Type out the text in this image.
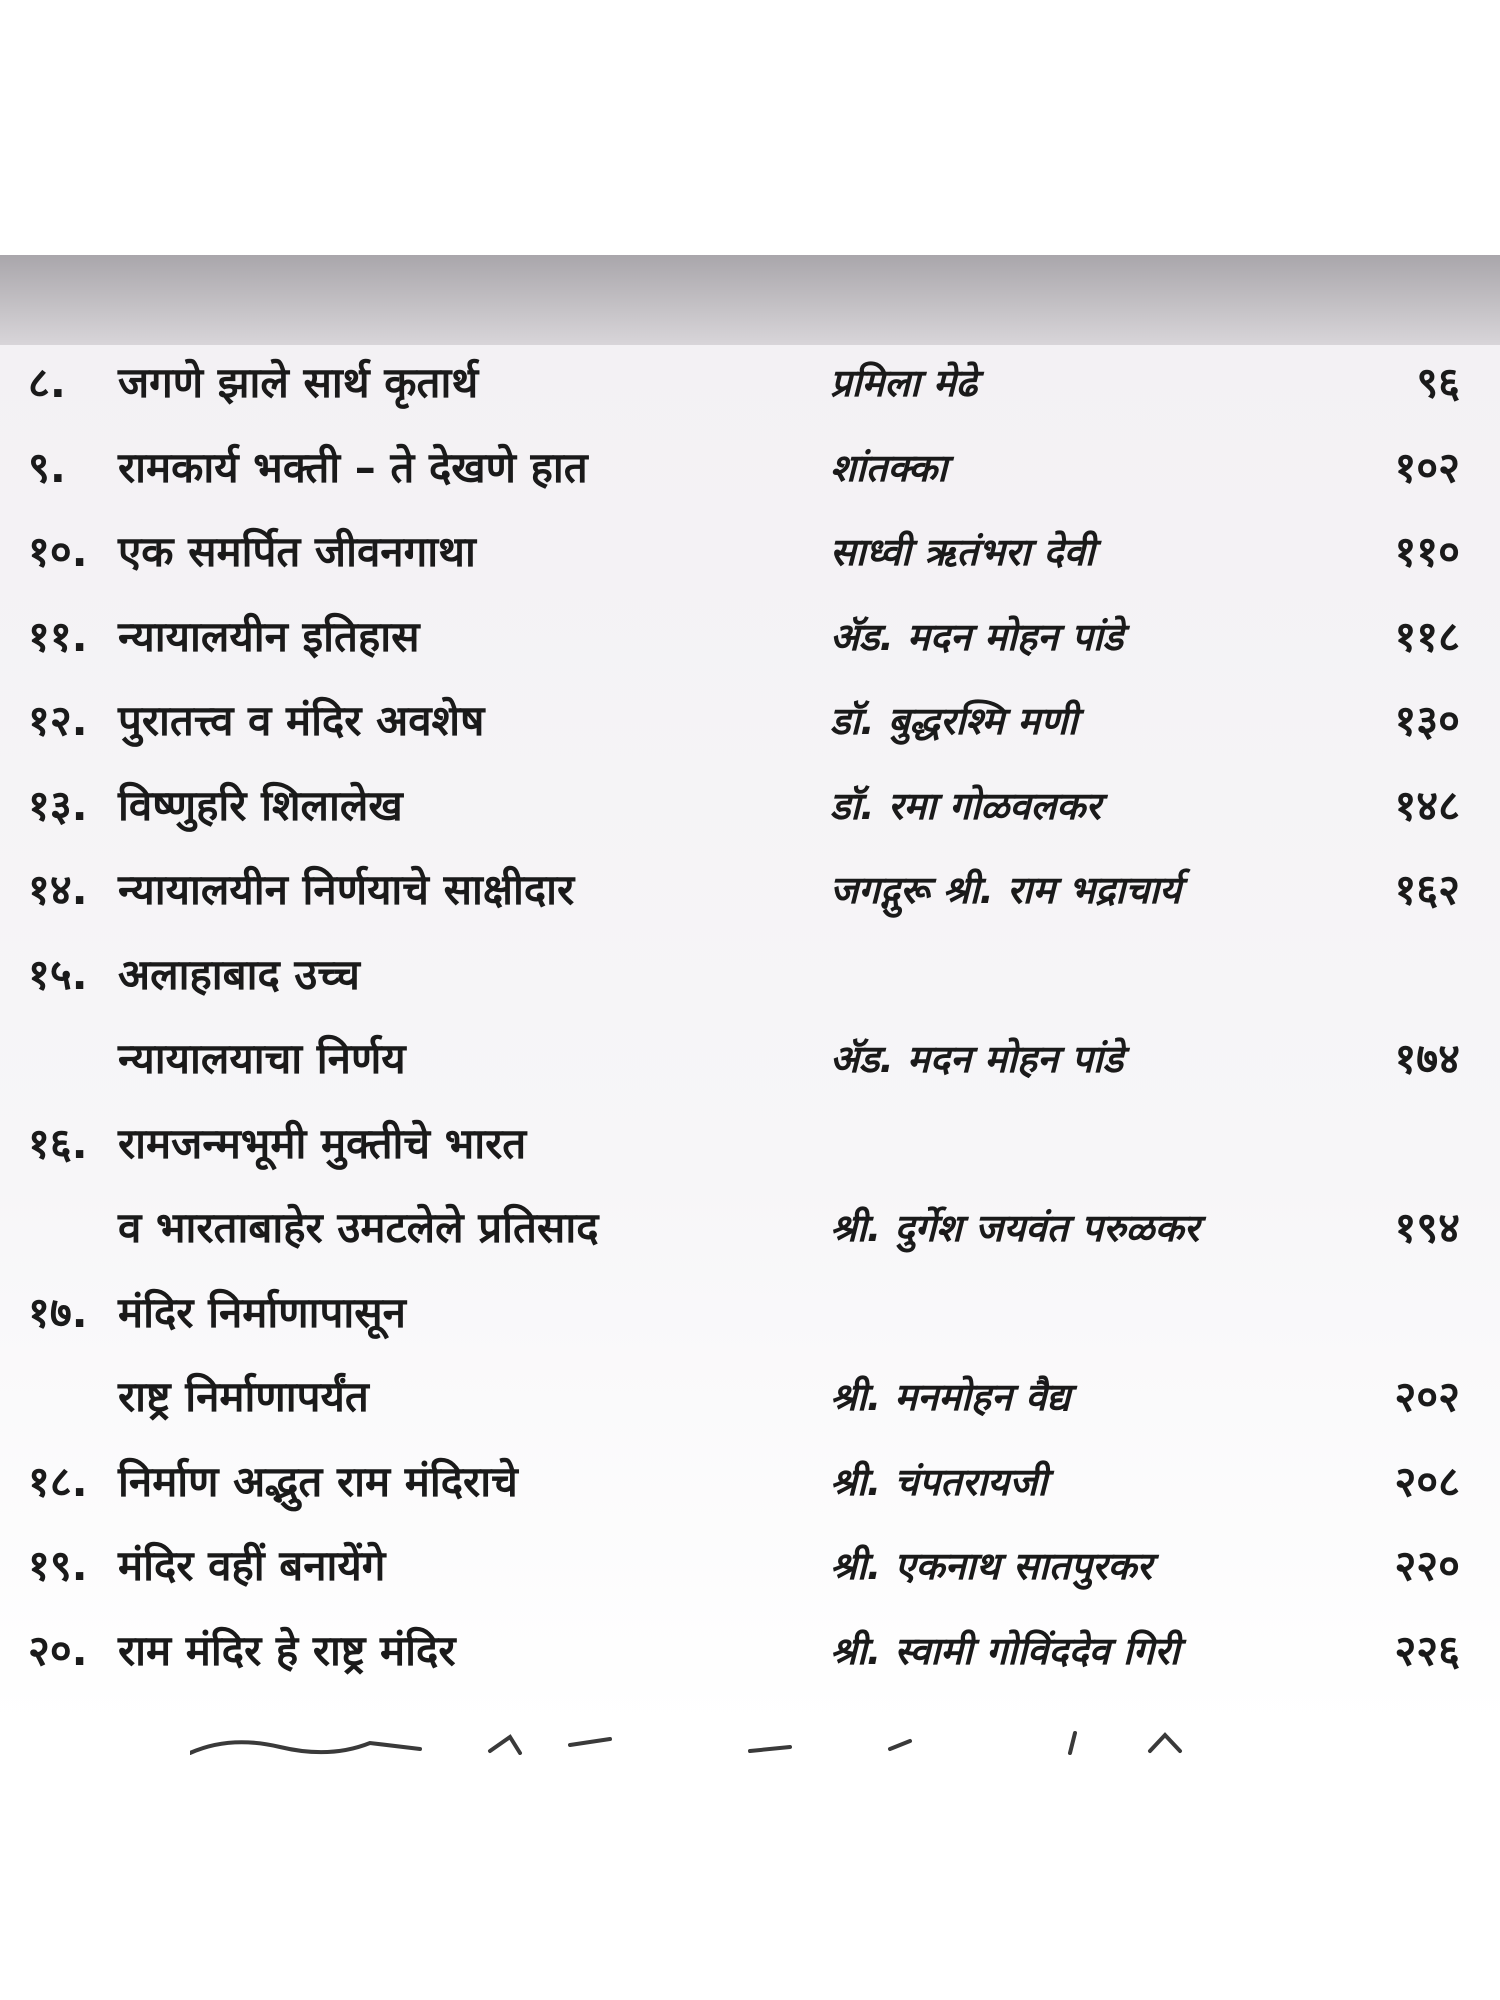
८. जगणे झाले सार्थ कृतार्थ	प्रमिला मेढे	९६
९. रामकार्य भक्ती – ते देखणे हात	शांतक्का	१०२
१०. एक समर्पित जीवनगाथा	साध्वी ऋतंभरा देवी	११०
११. न्यायालयीन इतिहास	ॲड. मदन मोहन पांडे	११८
१२. पुरातत्त्व व मंदिर अवशेष	डॉ. बुद्धरश्मि मणी	१३०
१३. विष्णुहरि शिलालेख	डॉ. रमा गोळवलकर	१४८
१४. न्यायालयीन निर्णयाचे साक्षीदार	जगद्गुरू श्री. राम भद्राचार्य	१६२
१५. अलाहाबाद उच्च
न्यायालयाचा निर्णय	ॲड. मदन मोहन पांडे	१७४
१६. रामजन्मभूमी मुक्तीचे भारत
व भारताबाहेर उमटलेले प्रतिसाद	श्री. दुर्गेश जयवंत परुळकर	१९४
१७. मंदिर निर्माणापासून
राष्ट्र निर्माणापर्यंत	श्री. मनमोहन वैद्य	२०२
१८. निर्माण अद्भुत राम मंदिराचे	श्री. चंपतरायजी	२०८
१९. मंदिर वहीं बनायेंगे	श्री. एकनाथ सातपुरकर	२२०
२०. राम मंदिर हे राष्ट्र मंदिर	श्री. स्वामी गोविंददेव गिरी	२२६
